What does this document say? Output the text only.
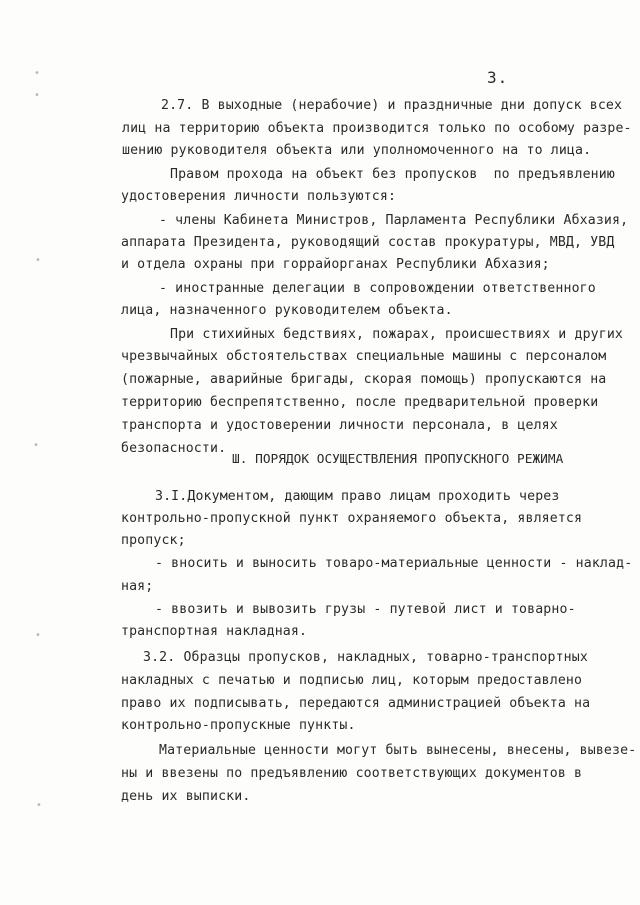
3.
•
•
•
•
•
•
2.7. В выходные (нерабочие) и праздничные дни допуск всех
лиц на территорию объекта производится только по особому разре-
шению руководителя объекта или уполномоченного на то лица.
Правом прохода на объект без пропусков  по предъявлению
удостоверения личности пользуются:
- члены Кабинета Министров, Парламента Республики Абхазия,
аппарата Президента, руководящий состав прокуратуры, МВД, УВД
и отдела охраны при горрайорганах Республики Абхазия;
- иностранные делегации в сопровождении ответственного
лица, назначенного руководителем объекта.
При стихийных бедствиях, пожарах, происшествиях и других
чрезвычайных обстоятельствах специальные машины с персоналом
(пожарные, аварийные бригады, скорая помощь) пропускаются на
территорию беспрепятственно, после предварительной проверки
транспорта и удостоверении личности персонала, в целях
безопасности.
Ш. ПОРЯДОК ОСУЩЕСТВЛЕНИЯ ПРОПУСКНОГО РЕЖИМА
3.I.Документом, дающим право лицам проходить через
контрольно-пропускной пункт охраняемого объекта, является
пропуск;
- вносить и выносить товаро-материальные ценности - наклад-
ная;
- ввозить и вывозить грузы - путевой лист и товарно-
транспортная накладная.
3.2. Образцы пропусков, накладных, товарно-транспортных
накладных с печатью и подписью лиц, которым предоставлено
право их подписывать, передаются администрацией объекта на
контрольно-пропускные пункты.
Материальные ценности могут быть вынесены, внесены, вывезе-
ны и ввезены по предъявлению соответствующих документов в
день их выписки.
